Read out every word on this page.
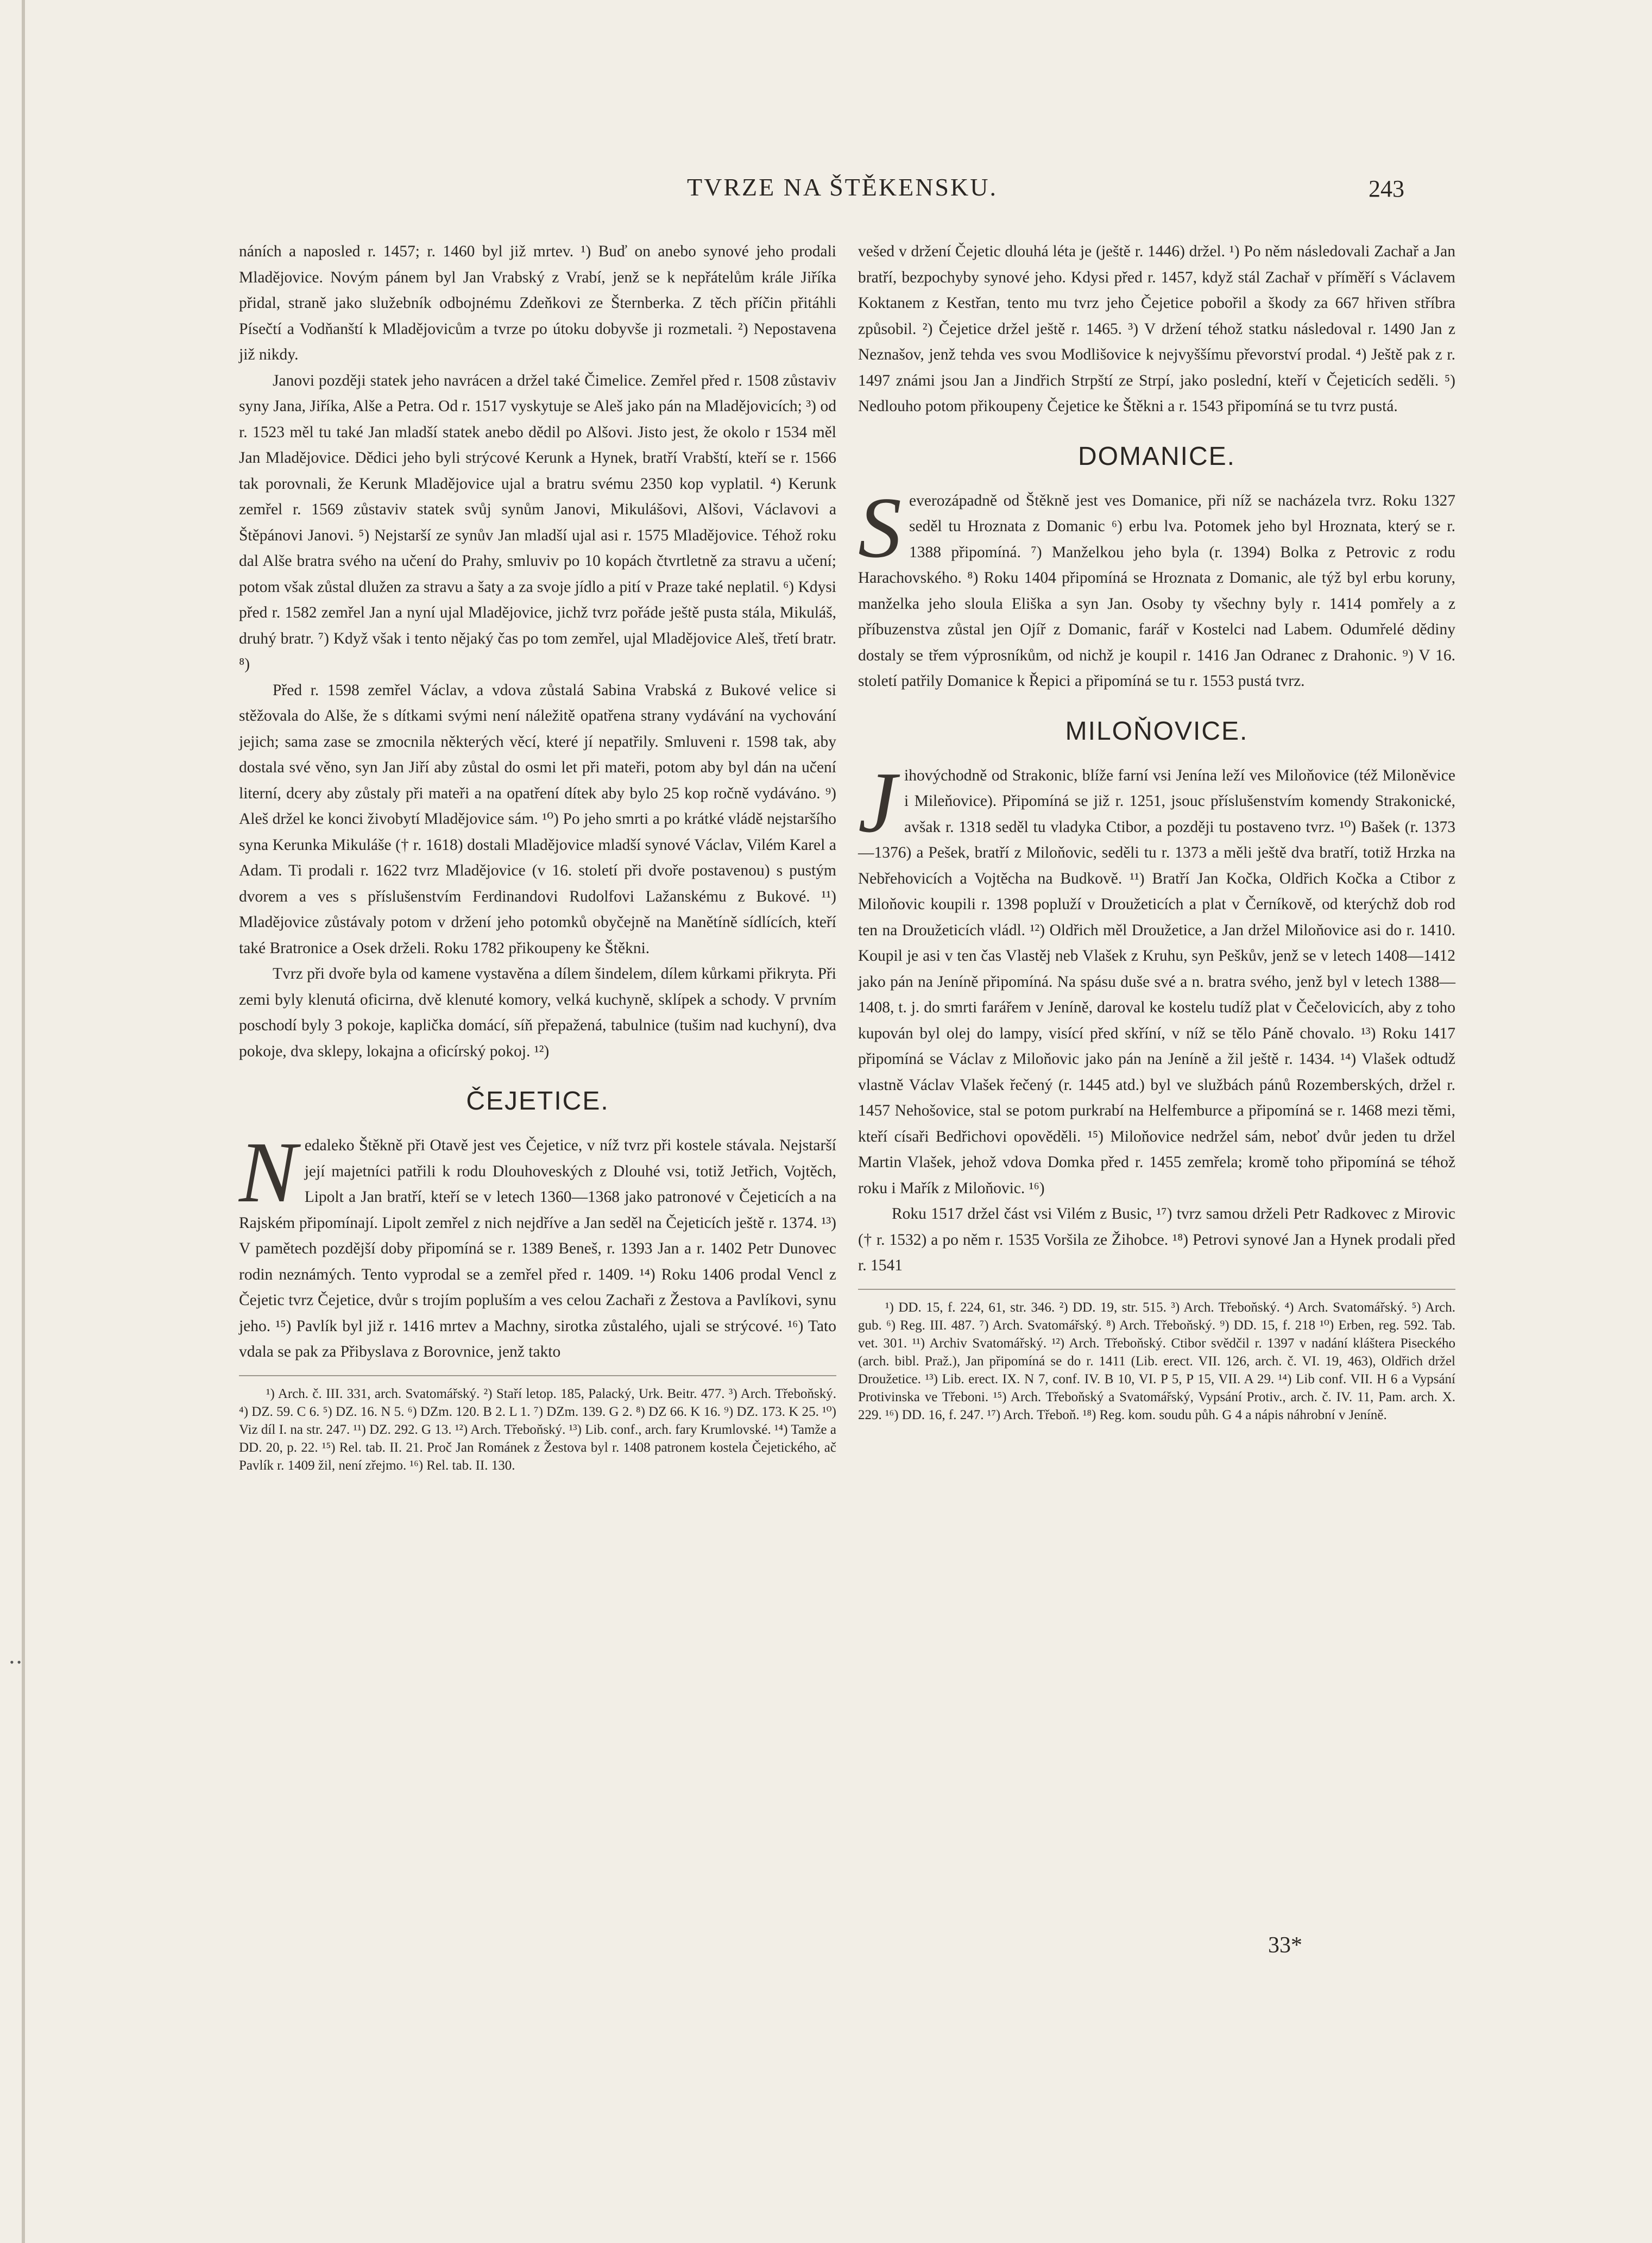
TVRZE NA ŠTĚKENSKU.	243
• •

náních a naposled r. 1457; r. 1460 byl již mrtev. ¹) Buď on anebo synové jeho prodali Mladějovice. Novým pánem byl Jan Vrabský z Vrabí, jenž se k nepřátelům krále Jiříka přidal, straně jako služebník odbojnému Zdeňkovi ze Šternberka. Z těch příčin přitáhli Písečtí a Vodňanští k Mladějovicům a tvrze po útoku dobyvše ji rozmetali. ²) Nepostavena již nikdy.

Janovi později statek jeho navrácen a držel také Čimelice. Zemřel před r. 1508 zůstaviv syny Jana, Jiříka, Alše a Petra. Od r. 1517 vyskytuje se Aleš jako pán na Mladějovicích; ³) od r. 1523 měl tu také Jan mladší statek anebo dědil po Alšovi. Jisto jest, že okolo r 1534 měl Jan Mladějovice. Dědici jeho byli strýcové Kerunk a Hynek, bratří Vrabští, kteří se r. 1566 tak porovnali, že Kerunk Mladějovice ujal a bratru svému 2350 kop vyplatil. ⁴) Kerunk zemřel r. 1569 zůstaviv statek svůj synům Janovi, Mikulášovi, Alšovi, Václavovi a Štěpánovi Janovi. ⁵) Nejstarší ze synův Jan mladší ujal asi r. 1575 Mladějovice. Téhož roku dal Alše bratra svého na učení do Prahy, smluviv po 10 kopách čtvrtletně za stravu a učení; potom však zůstal dlužen za stravu a šaty a za svoje jídlo a pití v Praze také neplatil. ⁶) Kdysi před r. 1582 zemřel Jan a nyní ujal Mladějovice, jichž tvrz pořáde ještě pusta stála, Mikuláš, druhý bratr. ⁷) Když však i tento nějaký čas po tom zemřel, ujal Mladějovice Aleš, třetí bratr. ⁸)

Před r. 1598 zemřel Václav, a vdova zůstalá Sabina Vrabská z Bukové velice si stěžovala do Alše, že s dítkami svými není náležitě opatřena strany vydávání na vychování jejich; sama zase se zmocnila některých věcí, které jí nepatřily. Smluveni r. 1598 tak, aby dostala své věno, syn Jan Jiří aby zůstal do osmi let při mateři, potom aby byl dán na učení literní, dcery aby zůstaly při mateři a na opatření dítek aby bylo 25 kop ročně vydáváno. ⁹) Aleš držel ke konci živobytí Mladějovice sám. ¹⁰) Po jeho smrti a po krátké vládě nejstaršího syna Kerunka Mikuláše († r. 1618) dostali Mladějovice mladší synové Václav, Vilém Karel a Adam. Ti prodali r. 1622 tvrz Mladějovice (v 16. století při dvoře postavenou) s pustým dvorem a ves s příslušenstvím Ferdinandovi Rudolfovi Lažanskému z Bukové. ¹¹) Mladějovice zůstávaly potom v držení jeho potomků obyčejně na Manětíně sídlících, kteří také Bratronice a Osek drželi. Roku 1782 přikoupeny ke Štěkni.

Tvrz při dvoře byla od kamene vystavěna a dílem šindelem, dílem kůrkami přikryta. Při zemi byly klenutá oficirna, dvě klenuté komory, velká kuchyně, sklípek a schody. V prvním poschodí byly 3 pokoje, kaplička domácí, síň přepažená, tabulnice (tušim nad kuchyní), dva pokoje, dva sklepy, lokajna a oficírský pokoj. ¹²)

ČEJETICE.

N edaleko Štěkně při Otavě jest ves Čejetice, v níž tvrz při kostele stávala. Nejstarší její majetníci patřili k rodu Dlouhoveských z Dlouhé vsi, totiž Jetřich, Vojtěch, Lipolt a Jan bratří, kteří se v letech 1360—1368 jako patronové v Čejeticích a na Rajském připomínají. Lipolt zemřel z nich nejdříve a Jan seděl na Čejeticích ještě r. 1374. ¹³) V pamětech pozdější doby připomíná se r. 1389 Beneš, r. 1393 Jan a r. 1402 Petr Dunovec rodin neznámých. Tento vyprodal se a zemřel před r. 1409. ¹⁴) Roku 1406 prodal Vencl z Čejetic tvrz Čejetice, dvůr s trojím popluším a ves celou Zachaři z Žestova a Pavlíkovi, synu jeho. ¹⁵) Pavlík byl již r. 1416 mrtev a Machny, sirotka zůstalého, ujali se strýcové. ¹⁶) Tato vdala se pak za Přibyslava z Borovnice, jenž takto

¹) Arch. č. III. 331, arch. Svatomářský. ²) Staří letop. 185, Palacký, Urk. Beitr. 477. ³) Arch. Třeboňský. ⁴) DZ. 59. C 6. ⁵) DZ. 16. N 5. ⁶) DZm. 120. B 2. L 1. ⁷) DZm. 139. G 2. ⁸) DZ 66. K 16. ⁹) DZ. 173. K 25. ¹⁰) Viz díl I. na str. 247. ¹¹) DZ. 292. G 13. ¹²) Arch. Třeboňský. ¹³) Lib. conf., arch. fary Krumlovské. ¹⁴) Tamže a DD. 20, p. 22. ¹⁵) Rel. tab. II. 21. Proč Jan Románek z Žestova byl r. 1408 patronem kostela Čejetického, ač Pavlík r. 1409 žil, není zřejmo. ¹⁶) Rel. tab. II. 130.

vešed v držení Čejetic dlouhá léta je (ještě r. 1446) držel. ¹) Po něm následovali Zachař a Jan bratří, bezpochyby synové jeho. Kdysi před r. 1457, když stál Zachař v příměří s Václavem Koktanem z Kestřan, tento mu tvrz jeho Čejetice pobořil a škody za 667 hřiven stříbra způsobil. ²) Čejetice držel ještě r. 1465. ³) V držení téhož statku následoval r. 1490 Jan z Neznašov, jenž tehda ves svou Modlišovice k nejvyššímu převorství prodal. ⁴) Ještě pak z r. 1497 známi jsou Jan a Jindřich Strpští ze Strpí, jako poslední, kteří v Čejeticích seděli. ⁵) Nedlouho potom přikoupeny Čejetice ke Štěkni a r. 1543 připomíná se tu tvrz pustá.

DOMANICE.

S everozápadně od Štěkně jest ves Domanice, při níž se nacházela tvrz. Roku 1327 seděl tu Hroznata z Domanic ⁶) erbu lva. Potomek jeho byl Hroznata, který se r. 1388 připomíná. ⁷) Manželkou jeho byla (r. 1394) Bolka z Petrovic z rodu Harachovského. ⁸) Roku 1404 připomíná se Hroznata z Domanic, ale týž byl erbu koruny, manželka jeho sloula Eliška a syn Jan. Osoby ty všechny byly r. 1414 pomřely a z příbuzenstva zůstal jen Ojíř z Domanic, farář v Kostelci nad Labem. Odumřelé dědiny dostaly se třem výprosníkům, od nichž je koupil r. 1416 Jan Odranec z Drahonic. ⁹) V 16. století patřily Domanice k Řepici a připomíná se tu r. 1553 pustá tvrz.

MILOŇOVICE.

J ihovýchodně od Strakonic, blíže farní vsi Jenína leží ves Miloňovice (též Miloněvice i Mileňovice). Připomíná se již r. 1251, jsouc příslušenstvím komendy Strakonické, avšak r. 1318 seděl tu vladyka Ctibor, a později tu postaveno tvrz. ¹⁰) Bašek (r. 1373—1376) a Pešek, bratří z Miloňovic, seděli tu r. 1373 a měli ještě dva bratří, totiž Hrzka na Nebřehovicích a Vojtěcha na Budkově. ¹¹) Bratří Jan Kočka, Oldřich Kočka a Ctibor z Miloňovic koupili r. 1398 popluží v Droužeticích a plat v Černíkově, od kterýchž dob rod ten na Droužeticích vládl. ¹²) Oldřich měl Droužetice, a Jan držel Miloňovice asi do r. 1410. Koupil je asi v ten čas Vlastěj neb Vlašek z Kruhu, syn Peškův, jenž se v letech 1408—1412 jako pán na Jeníně připomíná. Na spásu duše své a n. bratra svého, jenž byl v letech 1388—1408, t. j. do smrti farářem v Jeníně, daroval ke kostelu tudíž plat v Čečelovicích, aby z toho kupován byl olej do lampy, visící před skříní, v níž se tělo Páně chovalo. ¹³) Roku 1417 připomíná se Václav z Miloňovic jako pán na Jeníně a žil ještě r. 1434. ¹⁴) Vlašek odtudž vlastně Václav Vlašek řečený (r. 1445 atd.) byl ve službách pánů Rozemberských, držel r. 1457 Nehošovice, stal se potom purkrabí na Helfemburce a připomíná se r. 1468 mezi těmi, kteří císaři Bedřichovi opověděli. ¹⁵) Miloňovice nedržel sám, neboť dvůr jeden tu držel Martin Vlašek, jehož vdova Domka před r. 1455 zemřela; kromě toho připomíná se téhož roku i Mařík z Miloňovic. ¹⁶)

Roku 1517 držel část vsi Vilém z Busic, ¹⁷) tvrz samou drželi Petr Radkovec z Mirovic († r. 1532) a po něm r. 1535 Voršila ze Žihobce. ¹⁸) Petrovi synové Jan a Hynek prodali před r. 1541

¹) DD. 15, f. 224, 61, str. 346. ²) DD. 19, str. 515. ³) Arch. Třeboňský. ⁴) Arch. Svatomářský. ⁵) Arch. gub. ⁶) Reg. III. 487. ⁷) Arch. Svatomářský. ⁸) Arch. Třeboňský. ⁹) DD. 15, f. 218 ¹⁰) Erben, reg. 592. Tab. vet. 301. ¹¹) Archiv Svatomářský. ¹²) Arch. Třeboňský. Ctibor svědčil r. 1397 v nadání kláštera Piseckého (arch. bibl. Praž.), Jan připomíná se do r. 1411 (Lib. erect. VII. 126, arch. č. VI. 19, 463), Oldřich držel Droužetice. ¹³) Lib. erect. IX. N 7, conf. IV. B 10, VI. P 5, P 15, VII. A 29. ¹⁴) Lib conf. VII. H 6 a Vypsání Protivinska ve Třeboni. ¹⁵) Arch. Třeboňský a Svatomářský, Vypsání Protiv., arch. č. IV. 11, Pam. arch. X. 229. ¹⁶) DD. 16, f. 247. ¹⁷) Arch. Třeboň. ¹⁸) Reg. kom. soudu půh. G 4 a nápis náhrobní v Jeníně.

33*
